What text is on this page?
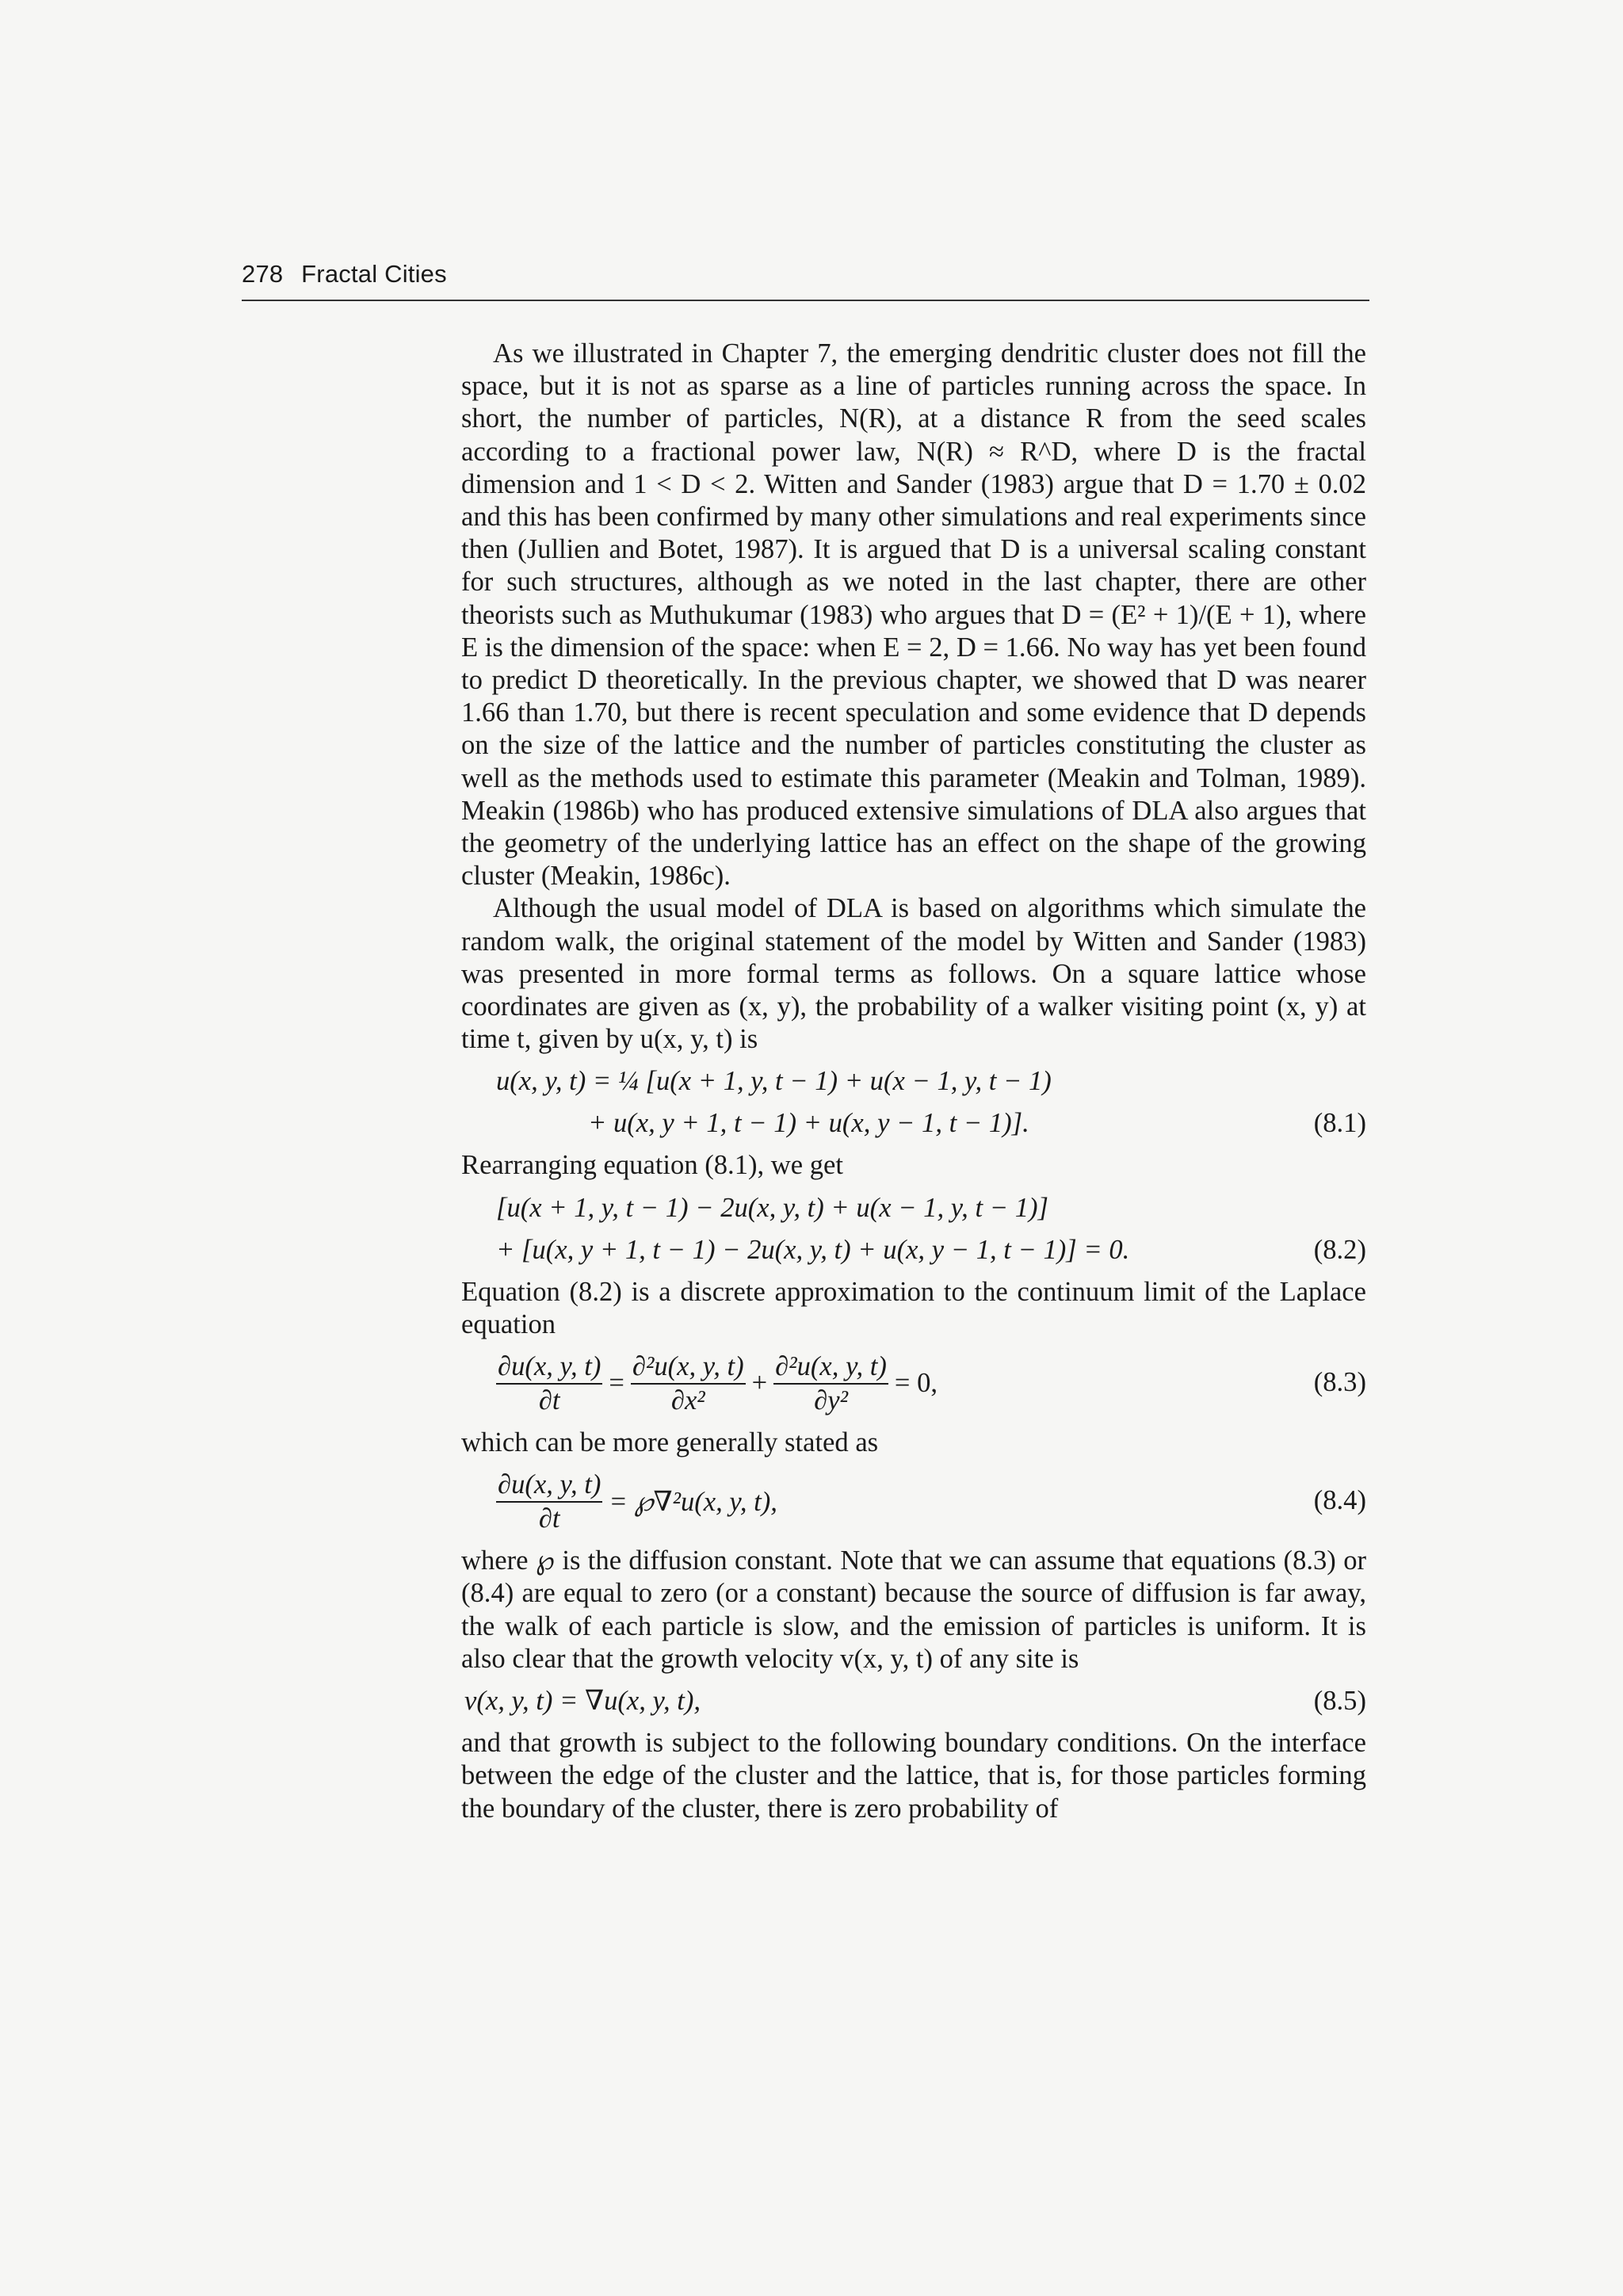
278 Fractal Cities

As we illustrated in Chapter 7, the emerging dendritic cluster does not fill the space, but it is not as sparse as a line of particles running across the space. In short, the number of particles, N(R), at a distance R from the seed scales according to a fractional power law, N(R) ≈ R^D, where D is the fractal dimension and 1 < D < 2. Witten and Sander (1983) argue that D = 1.70 ± 0.02 and this has been confirmed by many other simulations and real experiments since then (Jullien and Botet, 1987). It is argued that D is a universal scaling constant for such structures, although as we noted in the last chapter, there are other theorists such as Muthukumar (1983) who argues that D = (E² + 1)/(E + 1), where E is the dimension of the space: when E = 2, D = 1.66. No way has yet been found to predict D theoretically. In the previous chapter, we showed that D was nearer 1.66 than 1.70, but there is recent speculation and some evidence that D depends on the size of the lattice and the number of particles constituting the cluster as well as the methods used to estimate this parameter (Meakin and Tolman, 1989). Meakin (1986b) who has produced extensive simulations of DLA also argues that the geometry of the underlying lattice has an effect on the shape of the growing cluster (Meakin, 1986c).

Although the usual model of DLA is based on algorithms which simulate the random walk, the original statement of the model by Witten and Sander (1983) was presented in more formal terms as follows. On a square lattice whose coordinates are given as (x, y), the probability of a walker visiting point (x, y) at time t, given by u(x, y, t) is

u(x, y, t) = ¼ [u(x + 1, y, t − 1) + u(x − 1, y, t − 1)

+ u(x, y + 1, t − 1) + u(x, y − 1, t − 1)].

	(8.1)

Rearranging equation (8.1), we get

[u(x + 1, y, t − 1) − 2u(x, y, t) + u(x − 1, y, t − 1)]

+ [u(x, y + 1, t − 1) − 2u(x, y, t) + u(x, y − 1, t − 1)] = 0.

	(8.2)

Equation (8.2) is a discrete approximation to the continuum limit of the Laplace equation

$\frac{\partial u(x, y, t)}{\partial t} = \frac{\text{∂²u(x, y, t)}}{\text{∂x²}} + \frac{\text{∂²u(x, y, t)}}{\text{∂y²}} = 0$,	(8.3)

which can be more generally stated as

$\frac{\partial u(x, y, t)}{\partial t}$ = ℘∇²u(x, y, t),	(8.4)

where ℘ is the diffusion constant. Note that we can assume that equations (8.3) or (8.4) are equal to zero (or a constant) because the source of diffusion is far away, the walk of each particle is slow, and the emission of particles is uniform. It is also clear that the growth velocity v(x, y, t) of any site is

v(x, y, t) = ∇u(x, y, t),

	(8.5)

and that growth is subject to the following boundary conditions. On the interface between the edge of the cluster and the lattice, that is, for those particles forming the boundary of the cluster, there is zero probability of
